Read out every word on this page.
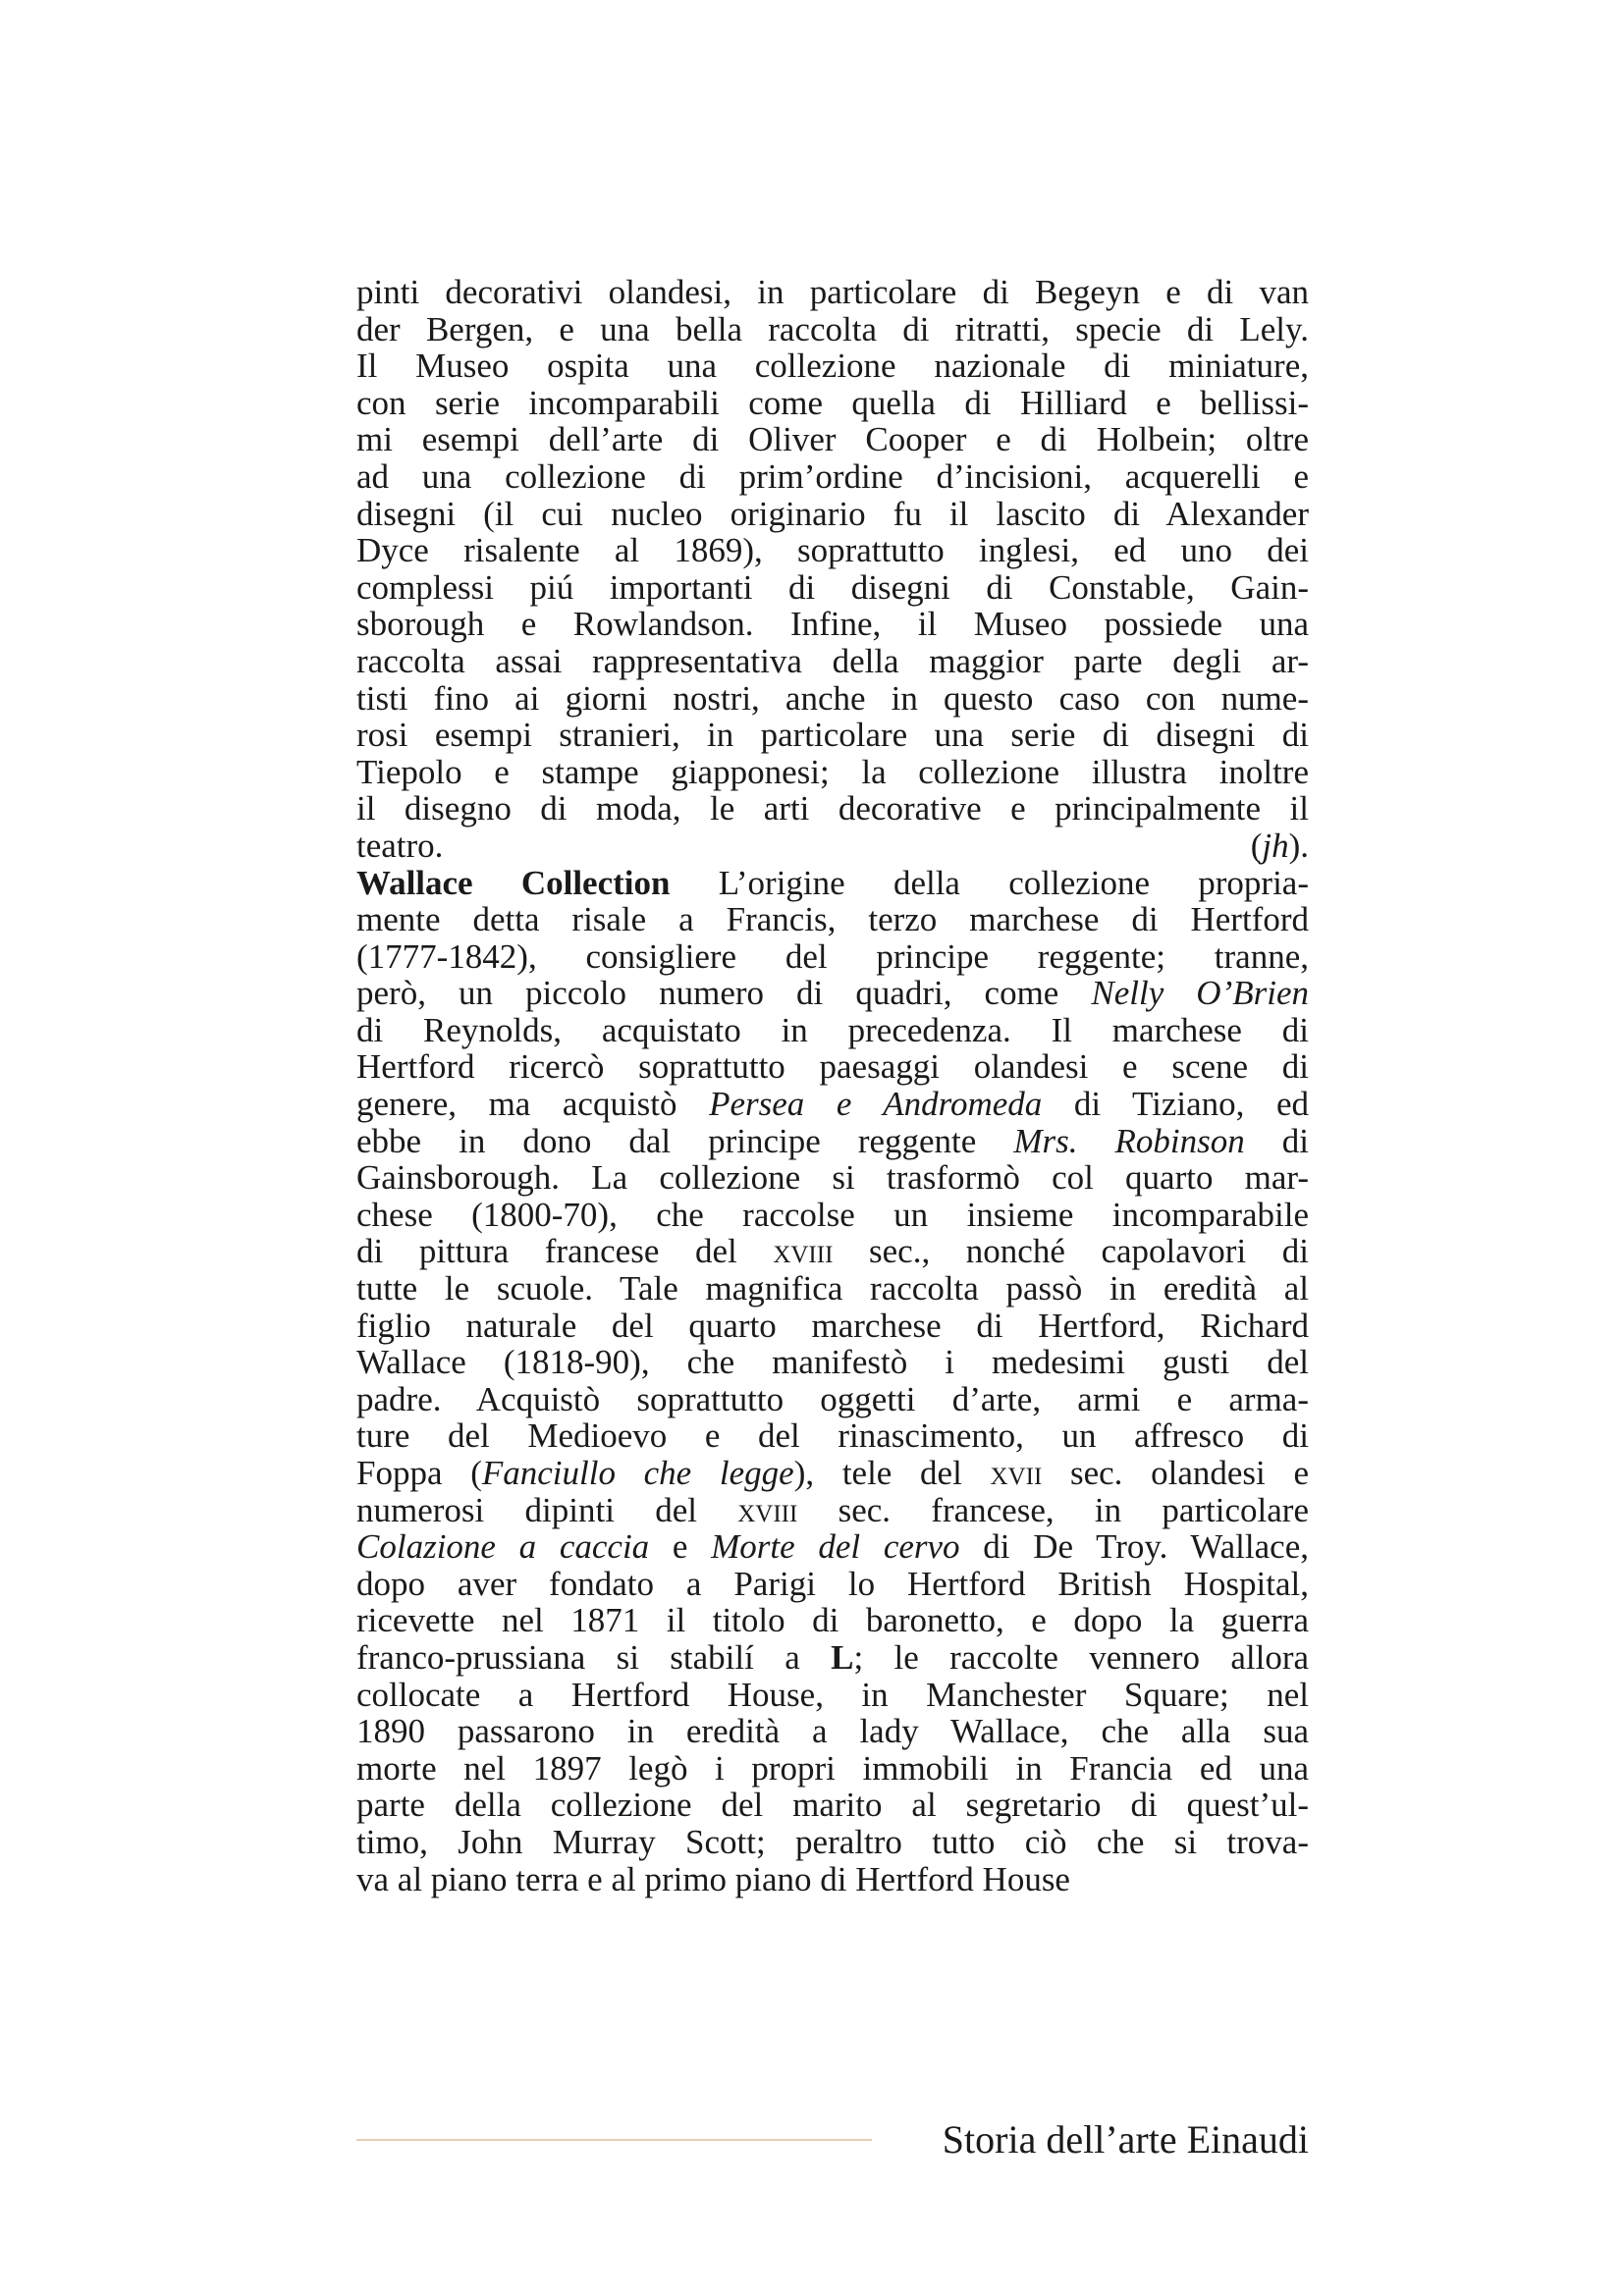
pinti decorativi olandesi, in particolare di Begeyn e di van
der Bergen, e una bella raccolta di ritratti, specie di Lely.
Il Museo ospita una collezione nazionale di miniature,
con serie incomparabili come quella di Hilliard e bellissi-
mi esempi dell’arte di Oliver Cooper e di Holbein; oltre
ad una collezione di prim’ordine d’incisioni, acquerelli e
disegni (il cui nucleo originario fu il lascito di Alexander
Dyce risalente al 1869), soprattutto inglesi, ed uno dei
complessi piú importanti di disegni di Constable, Gain-
sborough e Rowlandson. Infine, il Museo possiede una
raccolta assai rappresentativa della maggior parte degli ar-
tisti fino ai giorni nostri, anche in questo caso con nume-
rosi esempi stranieri, in particolare una serie di disegni di
Tiepolo e stampe giapponesi; la collezione illustra inoltre
il disegno di moda, le arti decorative e principalmente il
teatro. (jh).
Wallace Collection L’origine della collezione propria-
mente detta risale a Francis, terzo marchese di Hertford
(1777-1842), consigliere del principe reggente; tranne,
però, un piccolo numero di quadri, come Nelly O’Brien
di Reynolds, acquistato in precedenza. Il marchese di
Hertford ricercò soprattutto paesaggi olandesi e scene di
genere, ma acquistò Persea e Andromeda di Tiziano, ed
ebbe in dono dal principe reggente Mrs. Robinson di
Gainsborough. La collezione si trasformò col quarto mar-
chese (1800-70), che raccolse un insieme incomparabile
di pittura francese del xviii sec., nonché capolavori di
tutte le scuole. Tale magnifica raccolta passò in eredità al
figlio naturale del quarto marchese di Hertford, Richard
Wallace (1818-90), che manifestò i medesimi gusti del
padre. Acquistò soprattutto oggetti d’arte, armi e arma-
ture del Medioevo e del rinascimento, un affresco di
Foppa (Fanciullo che legge), tele del xvii sec. olandesi e
numerosi dipinti del xviii sec. francese, in particolare
Colazione a caccia e Morte del cervo di De Troy. Wallace,
dopo aver fondato a Parigi lo Hertford British Hospital,
ricevette nel 1871 il titolo di baronetto, e dopo la guerra
franco-prussiana si stabilí a L; le raccolte vennero allora
collocate a Hertford House, in Manchester Square; nel
1890 passarono in eredità a lady Wallace, che alla sua
morte nel 1897 legò i propri immobili in Francia ed una
parte della collezione del marito al segretario di quest’ul-
timo, John Murray Scott; peraltro tutto ciò che si trova-
va al piano terra e al primo piano di Hertford House
Storia dell’arte Einaudi
